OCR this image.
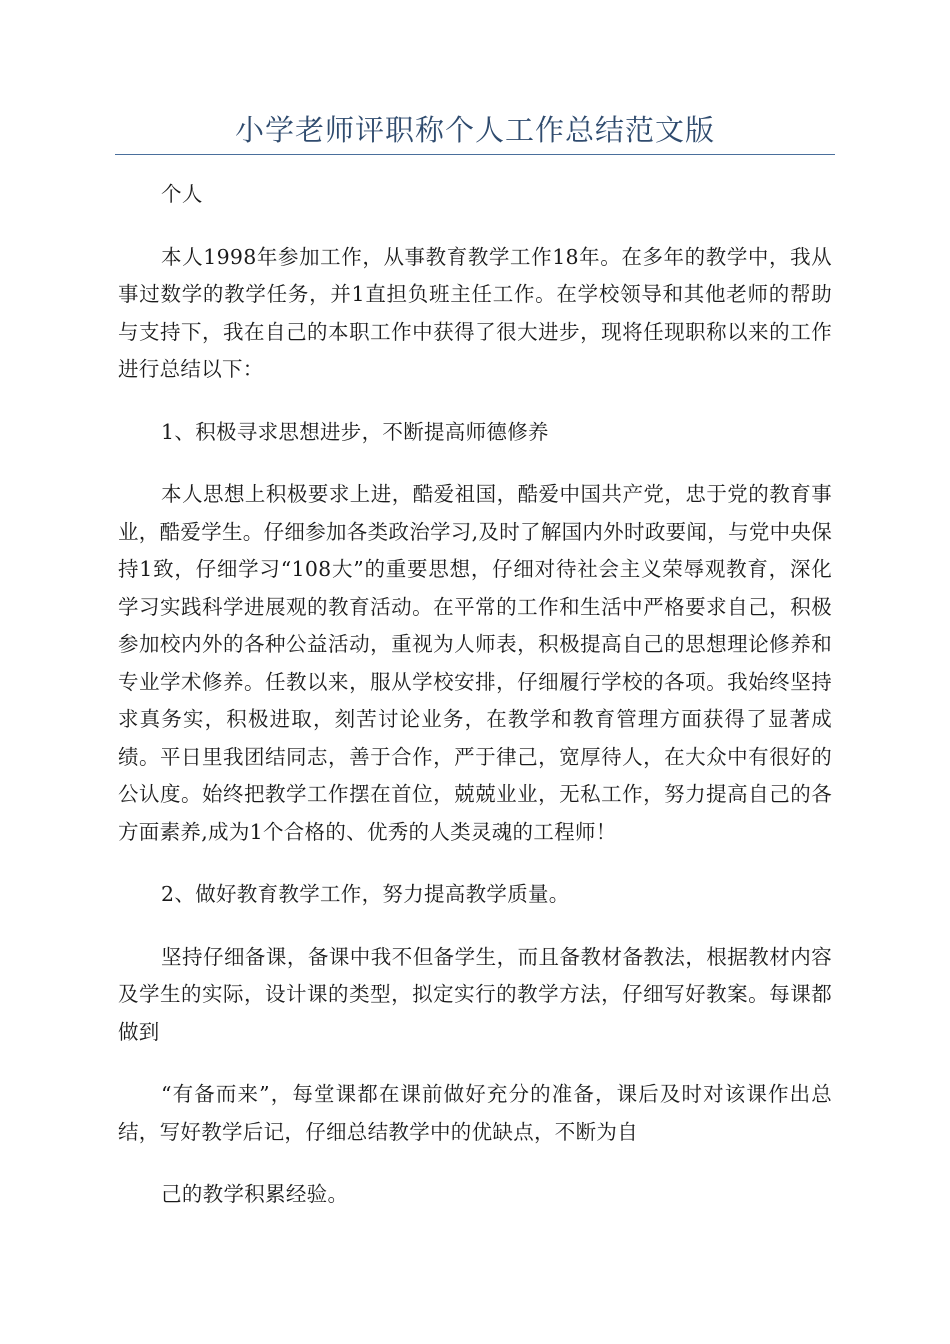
小学老师评职称个人工作总结范文版

个人

本人1998年参加工作，从事教育教学工作18年。在多年的教学中，我从事过数学的教学任务，并1直担负班主任工作。在学校领导和其他老师的帮助与支持下，我在自己的本职工作中获得了很大进步，现将任现职称以来的工作进行总结以下：

1、积极寻求思想进步，不断提高师德修养

本人思想上积极要求上进，酷爱祖国，酷爱中国共产党，忠于党的教育事业，酷爱学生。仔细参加各类政治学习,及时了解国内外时政要闻，与党中央保持1致，仔细学习“108大”的重要思想，仔细对待社会主义荣辱观教育，深化学习实践科学进展观的教育活动。在平常的工作和生活中严格要求自己，积极参加校内外的各种公益活动，重视为人师表，积极提高自己的思想理论修养和专业学术修养。任教以来，服从学校安排，仔细履行学校的各项。我始终坚持求真务实，积极进取，刻苦讨论业务，在教学和教育管理方面获得了显著成绩。平日里我团结同志，善于合作，严于律己，宽厚待人，在大众中有很好的公认度。始终把教学工作摆在首位，兢兢业业，无私工作，努力提高自己的各方面素养,成为1个合格的、优秀的人类灵魂的工程师！

2、做好教育教学工作，努力提高教学质量。

坚持仔细备课，备课中我不但备学生，而且备教材备教法，根据教材内容及学生的实际，设计课的类型，拟定实行的教学方法，仔细写好教案。每课都做到

“有备而来”，每堂课都在课前做好充分的准备，课后及时对该课作出总结，写好教学后记，仔细总结教学中的优缺点，不断为自

己的教学积累经验。
